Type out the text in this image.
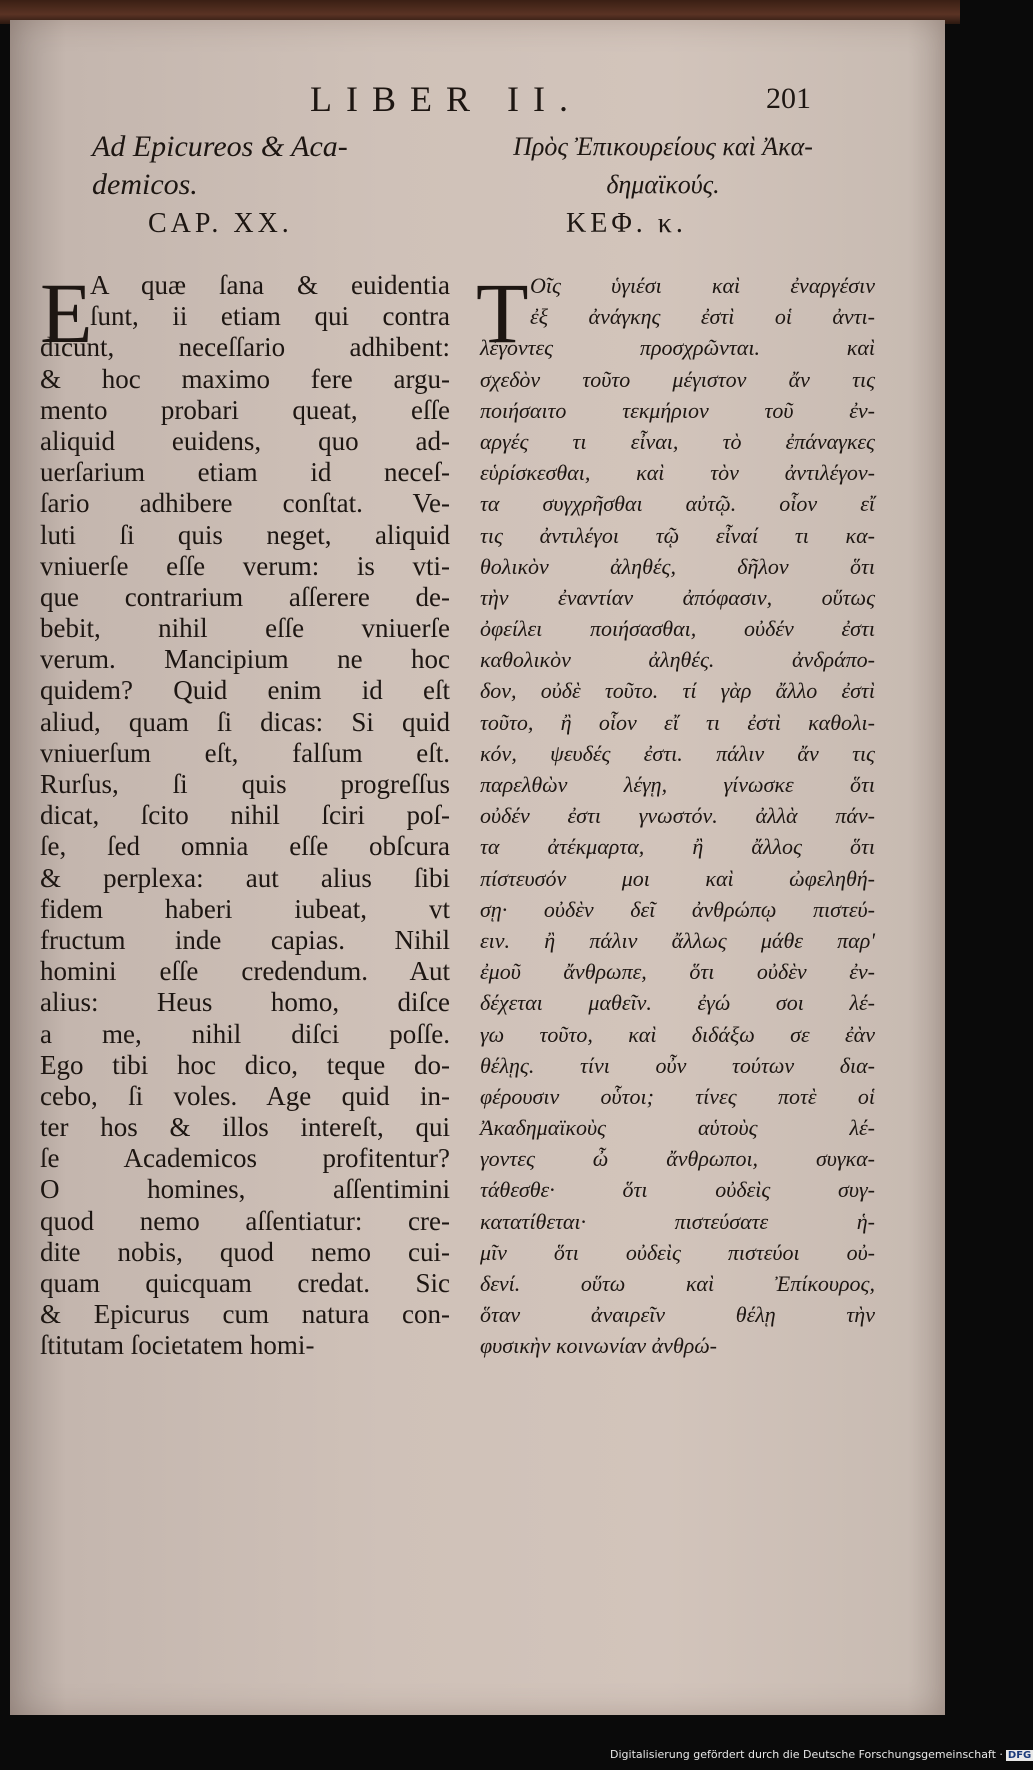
LIBER II.	201
Ad Epicureos & Aca-
demicos.
Πρὸς Ἐπικουρείους καὶ Ἀκα-
δημαϊκούς.
CAP. XX.	ΚΕΦ. κ.
E	Τ
A quæ ſana & euidentia
ſunt, ii etiam qui contra
dicunt, neceſſario adhibent:
& hoc maximo fere argu-
mento probari queat, eſſe
aliquid euidens, quo ad-
uerſarium etiam id neceſ-
ſario adhibere conſtat. Ve-
luti ſi quis neget, aliquid
vniuerſe eſſe verum: is vti-
que contrarium aſſerere de-
bebit, nihil eſſe vniuerſe
verum. Mancipium ne hoc
quidem? Quid enim id eſt
aliud, quam ſi dicas: Si quid
vniuerſum eſt, falſum eſt.
Rurſus, ſi quis progreſſus
dicat, ſcito nihil ſciri poſ-
ſe, ſed omnia eſſe obſcura
& perplexa: aut alius ſibi
fidem haberi iubeat, vt
fructum inde capias. Nihil
homini eſſe credendum. Aut
alius: Heus homo, diſce
a me, nihil diſci poſſe.
Ego tibi hoc dico, teque do-
cebo, ſi voles. Age quid in-
ter hos & illos intereſt, qui
ſe Academicos profitentur?
O homines, aſſentimini
quod nemo aſſentiatur: cre-
dite nobis, quod nemo cui-
quam quicquam credat. Sic
& Epicurus cum natura con-
ſtitutam ſocietatem homi-
Οῖς ὑγιέσι καὶ ἐναργέσιν
ἐξ ἀνάγκης ἐστὶ οἱ ἀντι-
λέγοντες προσχρῶνται. καὶ
σχεδὸν τοῦτο μέγιστον ἄν τις
ποιήσαιτο τεκμήριον τοῦ ἐν-
αργές τι εἶναι, τὸ ἐπάναγκες
εὑρίσκεσθαι, καὶ τὸν ἀντιλέγον-
τα συγχρῆσθαι αὐτῷ. οἷον εἴ
τις ἀντιλέγοι τῷ εἶναί τι κα-
θολικὸν ἀληθές, δῆλον ὅτι
τὴν ἐναντίαν ἀπόφασιν, οὕτως
ὀφείλει ποιήσασθαι, οὐδέν ἐστι
καθολικὸν ἀληθές. ἀνδράπο-
δον, οὐδὲ τοῦτο. τί γὰρ ἄλλο ἐστὶ
τοῦτο, ἢ οἷον εἴ τι ἐστὶ καθολι-
κόν, ψευδές ἐστι. πάλιν ἄν τις
παρελθὼν λέγῃ, γίνωσκε ὅτι
οὐδέν ἐστι γνωστόν. ἀλλὰ πάν-
τα ἀτέκμαρτα, ἢ ἄλλος ὅτι
πίστευσόν μοι καὶ ὠφεληθή-
σῃ· οὐδὲν δεῖ ἀνθρώπῳ πιστεύ-
ειν. ἢ πάλιν ἄλλως μάθε παρ'
ἐμοῦ ἄνθρωπε, ὅτι οὐδὲν ἐν-
δέχεται μαθεῖν. ἐγώ σοι λέ-
γω τοῦτο, καὶ διδάξω σε ἐὰν
θέλῃς. τίνι οὖν τούτων δια-
φέρουσιν οὗτοι; τίνες ποτὲ οἱ
Ἀκαδημαϊκοὺς αὑτοὺς λέ-
γοντες ὦ ἄνθρωποι, συγκα-
τάθεσθε· ὅτι οὐδεὶς συγ-
κατατίθεται· πιστεύσατε ἡ-
μῖν ὅτι οὐδεὶς πιστεύοι οὐ-
δενί. οὕτω καὶ Ἐπίκουρος,
ὅταν ἀναιρεῖν θέλῃ τὴν
φυσικὴν κοινωνίαν ἀνθρώ-
Digitalisierung gefördert durch die Deutsche Forschungsgemeinschaft · DFG
